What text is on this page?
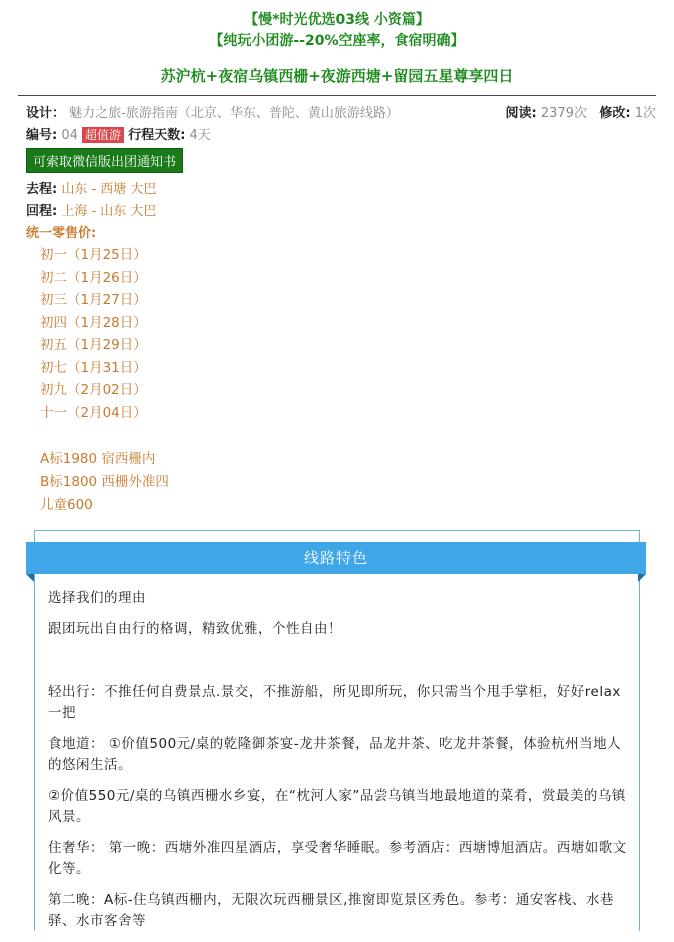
【慢*时光优选03线 小资篇】
【纯玩小团游--20%空座率，食宿明确】
苏沪杭+夜宿乌镇西栅+夜游西塘+留园五星尊享四日
设计： 魅力之旅-旅游指南（北京、华东、普陀、黄山旅游线路）	阅读: 2379次 修改: 1次
编号: 04 超值游 行程天数: 4天
可索取微信版出团通知书
去程: 山东 - 西塘 大巴
回程: 上海 - 山东 大巴
统一零售价:
初一（1月25日）
初二（1月26日）
初三（1月27日）
初四（1月28日）
初五（1月29日）
初七（1月31日）
初九（2月02日）
十一（2月04日）
A标1980 宿西栅内
B标1800 西栅外准四
儿童600
线路特色

选择我们的理由

跟团玩出自由行的格调，精致优雅，个性自由！

轻出行：不推任何自费景点.景交，不推游船，所见即所玩，你只需当个甩手掌柜，好好relax一把

食地道： ①价值500元/桌的乾隆御茶宴-龙井茶餐，品龙井茶、吃龙井茶餐，体验杭州当地人的悠闲生活。

②价值550元/桌的乌镇西栅水乡宴，在“枕河人家”品尝乌镇当地最地道的菜肴，赏最美的乌镇风景。

住奢华： 第一晚：西塘外准四星酒店，享受奢华睡眠。参考酒店：西塘博旭酒店。西塘如歌文化等。

第二晚：A标-住乌镇西栅内，无限次玩西栅景区,推窗即览景区秀色。参考：通安客栈、水巷驿、水市客舍等
